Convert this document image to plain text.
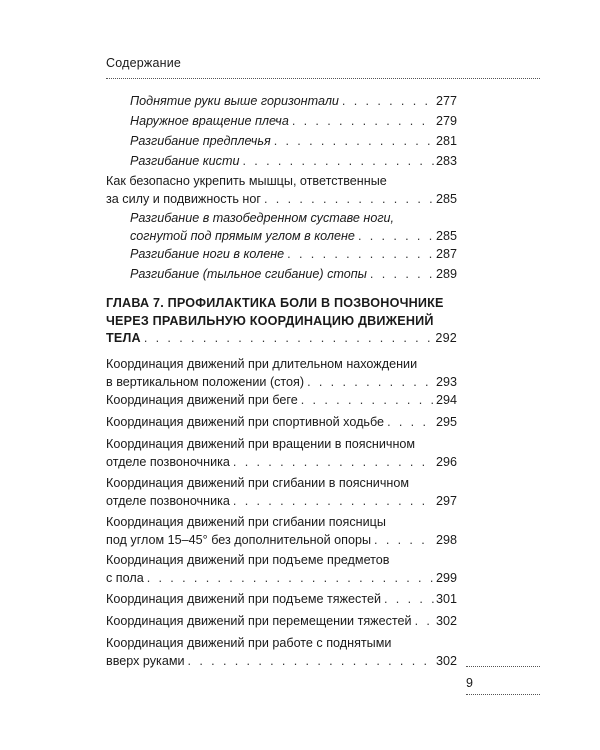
Содержание
Поднятие руки выше горизонтали . . .	277
Наружное вращение плеча . . .	279
Разгибание предплечья . . .	281
Разгибание кисти . . .	283
Как безопасно укрепить мышцы, ответственные
за силу и подвижность ног . . .	285
Разгибание в тазобедренном суставе ноги,
согнутой под прямым углом в колене . . .	285
Разгибание ноги в колене . . .	287
Разгибание (тыльное сгибание) стопы . . .	289
ГЛАВА 7. ПРОФИЛАКТИКА БОЛИ В ПОЗВОНОЧНИКЕ
ЧЕРЕЗ ПРАВИЛЬНУЮ КООРДИНАЦИЮ ДВИЖЕНИЙ
ТЕЛА . . .	292
Координация движений при длительном нахождении
в вертикальном положении (стоя) . . .	293
Координация движений при беге . . .	294
Координация движений при спортивной ходьбе . . .	295
Координация движений при вращении в поясничном
отделе позвоночника . . .	296
Координация движений при сгибании в поясничном
отделе позвоночника . . .	297
Координация движений при сгибании поясницы
под углом 15–45° без дополнительной опоры . . .	298
Координация движений при подъеме предметов
с пола . . .	299
Координация движений при подъеме тяжестей . . .	301
Координация движений при перемещении тяжестей . . . 302
Координация движений при работе с поднятыми
вверх руками . . .	302
9
